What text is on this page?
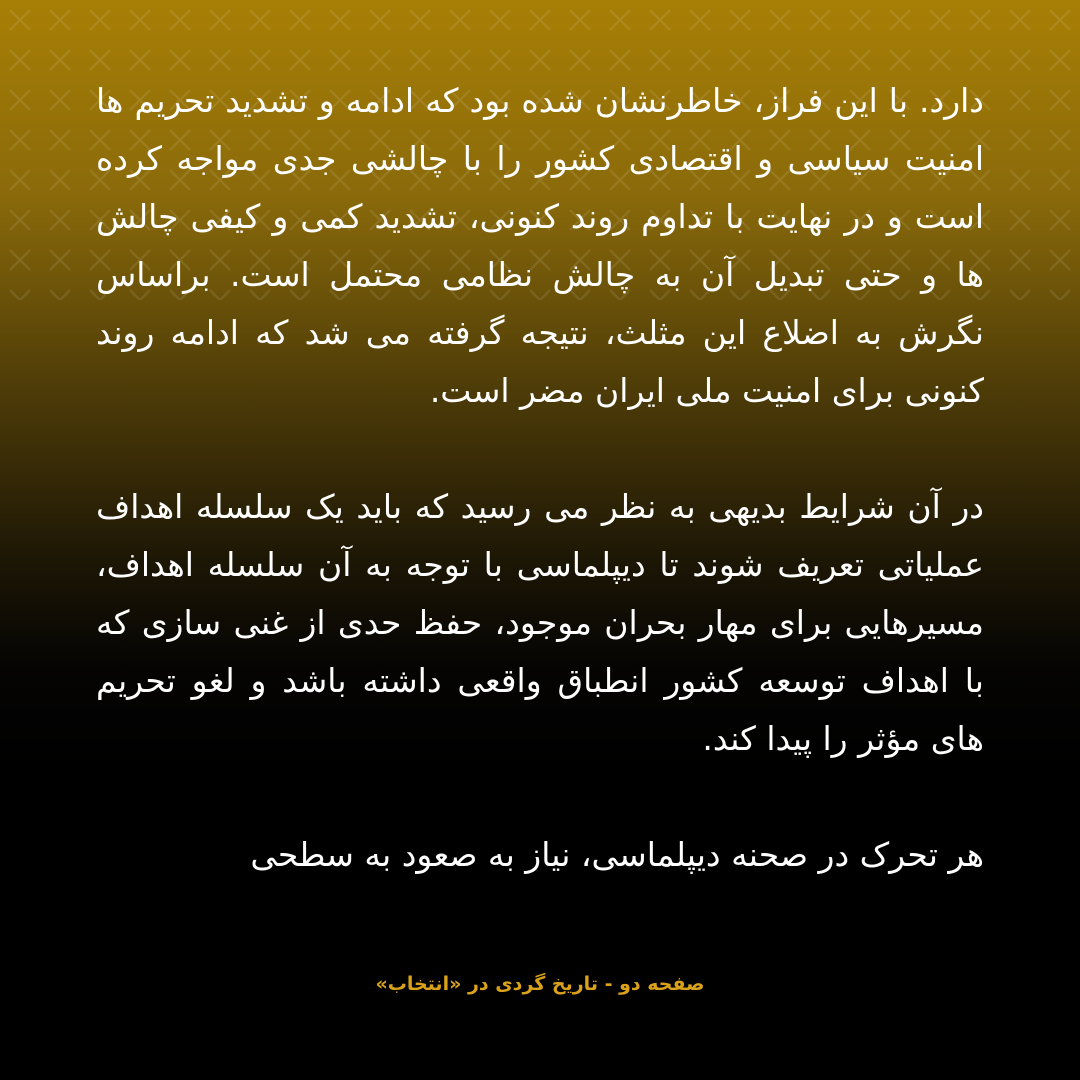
دارد. با این فراز، خاطرنشان شده بود که ادامه و تشدید تحریم ها امنیت سیاسی و اقتصادی کشور را با چالشی جدی مواجه کرده است و در نهایت با تداوم روند کنونی، تشدید کمی و کیفی چالش ها و حتی تبدیل آن به چالش نظامی محتمل است. براساس نگرش به اضلاع این مثلث، نتیجه گرفته می شد که ادامه روند کنونی برای امنیت ملی ایران مضر است.

در آن شرایط بدیهی به نظر می رسید که باید یک سلسله اهداف عملیاتی تعریف شوند تا دیپلماسی با توجه به آن سلسله اهداف، مسیرهایی برای مهار بحران موجود، حفظ حدی از غنی سازی که با اهداف توسعه کشور انطباق واقعی داشته باشد و لغو تحریم های مؤثر را پیدا کند.

هر تحرک در صحنه دیپلماسی، نیاز به صعود به سطحی

صفحه دو - تاریخ گردی در «انتخاب»
